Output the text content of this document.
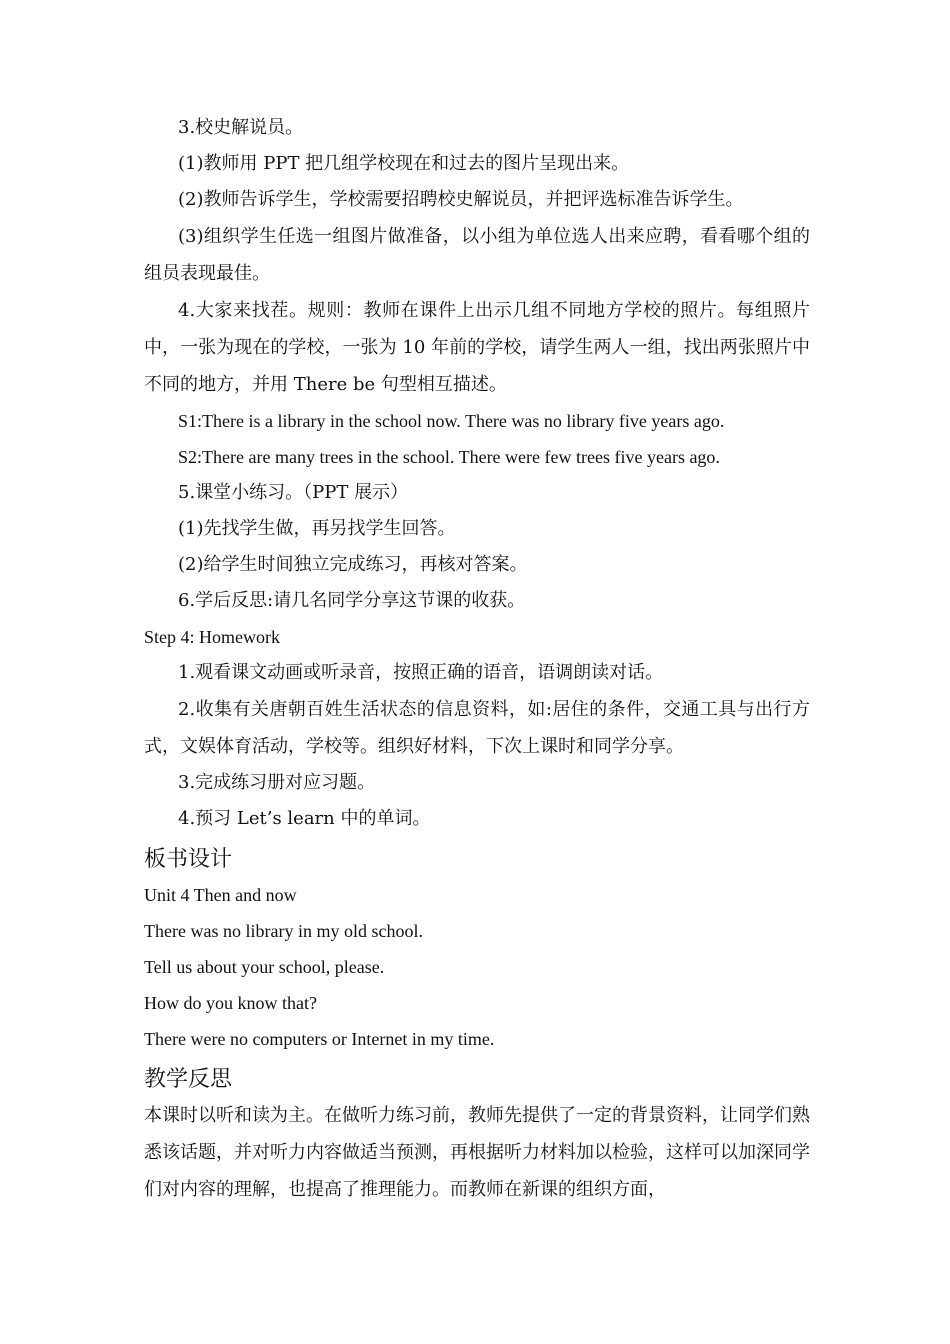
3.校史解说员。
(1)教师用 PPT 把几组学校现在和过去的图片呈现出来。
(2)教师告诉学生，学校需要招聘校史解说员，并把评选标准告诉学生。
(3)组织学生任选一组图片做准备，以小组为单位选人出来应聘，看看哪个组的组员表现最佳。
4.大家来找茬。规则：教师在课件上出示几组不同地方学校的照片。每组照片中，一张为现在的学校，一张为 10 年前的学校，请学生两人一组，找出两张照片中不同的地方，并用 There be 句型相互描述。
S1:There is a library in the school now. There was no library five years ago.
S2:There are many trees in the school. There were few trees five years ago.
5.课堂小练习。（PPT 展示）
(1)先找学生做，再另找学生回答。
(2)给学生时间独立完成练习，再核对答案。
6.学后反思:请几名同学分享这节课的收获。
Step 4: Homework
1.观看课文动画或听录音，按照正确的语音，语调朗读对话。
2.收集有关唐朝百姓生活状态的信息资料，如:居住的条件，交通工具与出行方式，文娱体育活动，学校等。组织好材料，下次上课时和同学分享。
3.完成练习册对应习题。
4.预习 Let’s learn 中的单词。
板书设计
Unit 4 Then and now
There was no library in my old school.
Tell us about your school, please.
How do you know that?
There were no computers or Internet in my time.
教学反思
本课时以听和读为主。在做听力练习前，教师先提供了一定的背景资料，让同学们熟悉该话题，并对听力内容做适当预测，再根据听力材料加以检验，这样可以加深同学们对内容的理解，也提高了推理能力。而教师在新课的组织方面，
